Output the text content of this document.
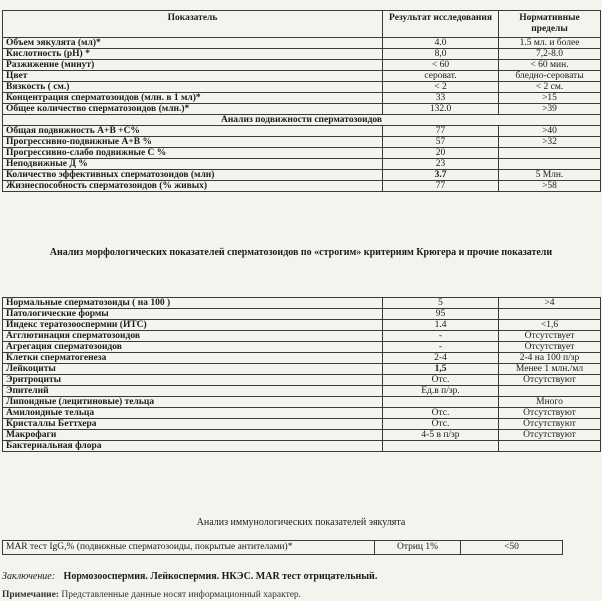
Показатель	Результат исследования	Нормативные пределы
Объем эякулята (мл)*	4.0	1.5 мл. и более
Кислотность (pH) *	8,0	7,2-8.0
Разжижение (минут)	< 60	< 60 мин.
Цвет	сероват.	бледно-сероваты
Вязкость ( см.)	< 2	< 2 см.
Концентрация сперматозоидов (млн. в 1 мл)*	33	>15
Общее количество сперматозоидов (млн.)*	132.0	>39
Анализ подвижности сперматозоидов		
Общая подвижность А+В +С%	77	>40
Прогрессивно-подвижные А+В %	57	>32
Прогрессивно-слабо подвижные С %	20	
Неподвижные Д %	23	
Количество эффективных сперматозоидов (млн)	3.7	5 Млн.
Жизнеспособность сперматозоидов (% живых)	77	>58
Анализ морфологических показателей сперматозоидов по «строгим» критериям Крюгера и прочие показатели
Нормальные сперматозоиды ( на 100 )	5	>4
Патологические формы	95	
Индекс тератозооспермии (ИТС)	1.4	<1,6
Агглютинация сперматозоидов	-	Отсутствует
Агрегация сперматозоидов	-	Отсутствует
Клетки сперматогенеза	2-4	2-4 на 100 п/зр
Лейкоциты	1,5	Менее 1 млн./мл
Эритроциты	Отс.	Отсутствуют
Эпителий	Ед.в п/зр.	
Липоидные (лецитиновые) тельца		Много
Амилоидные тельца	Отс.	Отсутствуют
Кристаллы Беттхера	Отс.	Отсутствуют
Макрофаги	4-5 в п/зр	Отсутствуют
Бактериальная флора		
Анализ иммунологических показателей эякулята
MAR тест IgG,% (подвижные сперматозоиды, покрытые антителами)*	Отриц 1%	<50
Заключение: Нормозооспермия. Лейкоспермия. НКЭС. MAR тест отрицательный.
Примечание: Представленные данные носят информационный характер.
